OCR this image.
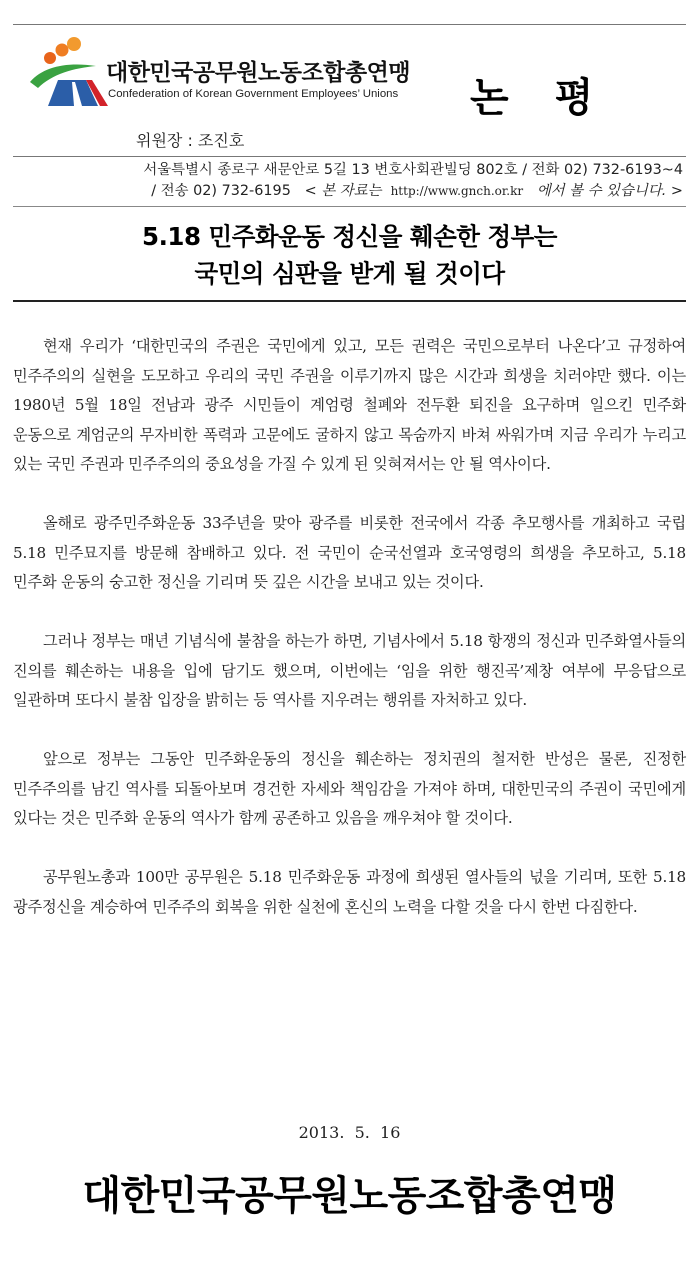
대한민국공무원노동조합총연맹
Confederation of Korean Government Employees’ Unions 논평
위원장 : 조진호
서울특별시 종로구 새문안로 5길 13 변호사회관빌딩 802호 / 전화 02) 732-6193~4
/ 전송 02) 732-6195 < 본 자료는 http://www.gnch.or.kr 에서 볼 수 있습니다. >
5.18 민주화운동 정신을 훼손한 정부는
국민의 심판을 받게 될 것이다

현재 우리가 ‘대한민국의 주권은 국민에게 있고, 모든 권력은 국민으로부터 나온다’고 규정하여 민주주의의 실현을 도모하고 우리의 국민 주권을 이루기까지 많은 시간과 희생을 치러야만 했다. 이는 1980년 5월 18일 전남과 광주 시민들이 계엄령 철폐와 전두환 퇴진을 요구하며 일으킨 민주화 운동으로 계엄군의 무자비한 폭력과 고문에도 굴하지 않고 목숨까지 바쳐 싸워가며 지금 우리가 누리고 있는 국민 주권과 민주주의의 중요성을 가질 수 있게 된 잊혀져서는 안 될 역사이다.

올해로 광주민주화운동 33주년을 맞아 광주를 비롯한 전국에서 각종 추모행사를 개최하고 국립 5.18 민주묘지를 방문해 참배하고 있다. 전 국민이 순국선열과 호국영령의 희생을 추모하고, 5.18 민주화 운동의 숭고한 정신을 기리며 뜻 깊은 시간을 보내고 있는 것이다.

그러나 정부는 매년 기념식에 불참을 하는가 하면, 기념사에서 5.18 항쟁의 정신과 민주화열사들의 진의를 훼손하는 내용을 입에 담기도 했으며, 이번에는 ‘임을 위한 행진곡’제창 여부에 무응답으로 일관하며 또다시 불참 입장을 밝히는 등 역사를 지우려는 행위를 자처하고 있다.

앞으로 정부는 그동안 민주화운동의 정신을 훼손하는 정치권의 철저한 반성은 물론, 진정한 민주주의를 남긴 역사를 되돌아보며 경건한 자세와 책임감을 가져야 하며, 대한민국의 주권이 국민에게 있다는 것은 민주화 운동의 역사가 함께 공존하고 있음을 깨우쳐야 할 것이다.

공무원노총과 100만 공무원은 5.18 민주화운동 과정에 희생된 열사들의 넋을 기리며, 또한 5.18 광주정신을 계승하여 민주주의 회복을 위한 실천에 혼신의 노력을 다할 것을 다시 한번 다짐한다.

2013.  5.  16
대한민국공무원노동조합총연맹
